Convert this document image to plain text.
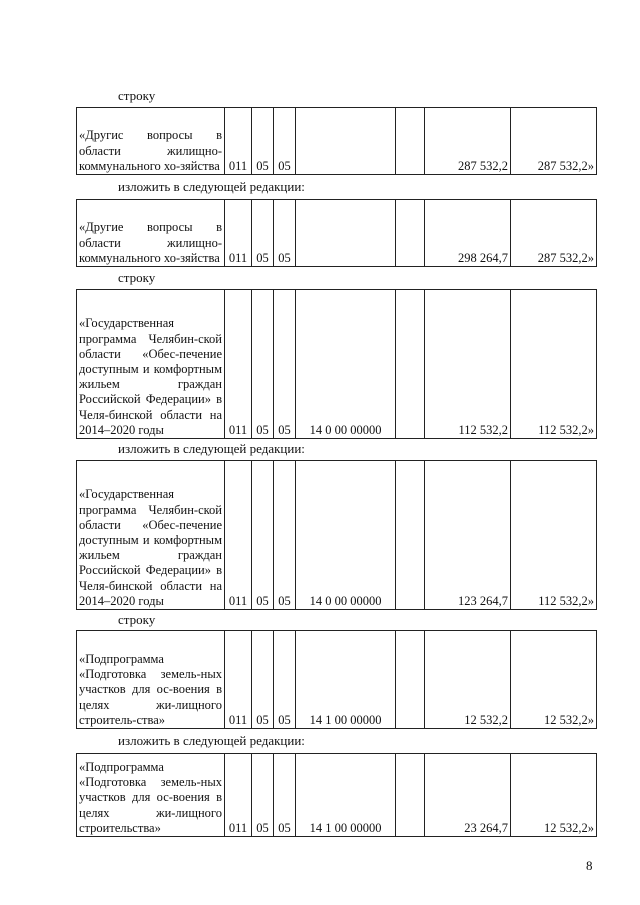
строку
«Другис вопросы в области жилищно-коммунального хо-зяйства	011	05	05			287 532,2	287 532,2»
изложить в следующей редакции:
«Другие вопросы в области жилищно-коммунального хо-зяйства	011	05	05			298 264,7	287 532,2»
строку
«Государственная программа Челябин-ской области «Обес-печение доступным и комфортным жильем граждан Российской Федерации» в Челя-бинской области на 2014–2020 годы	011	05	05	14 0 00 00000		112 532,2	112 532,2»
изложить в следующей редакции:
«Государственная программа Челябин-ской области «Обес-печение доступным и комфортным жильем граждан Российской Федерации» в Челя-бинской области на 2014–2020 годы	011	05	05	14 0 00 00000		123 264,7	112 532,2»
строку
«Подпрограмма «Подготовка земель-ных участков для ос-воения в целях жи-лищного строитель-ства»	011	05	05	14 1 00 00000		12 532,2	12 532,2»
изложить в следующей редакции:
«Подпрограмма «Подготовка земель-ных участков для ос-воения в целях жи-лищного строительства»	011	05	05	14 1 00 00000		23 264,7	12 532,2»
8
